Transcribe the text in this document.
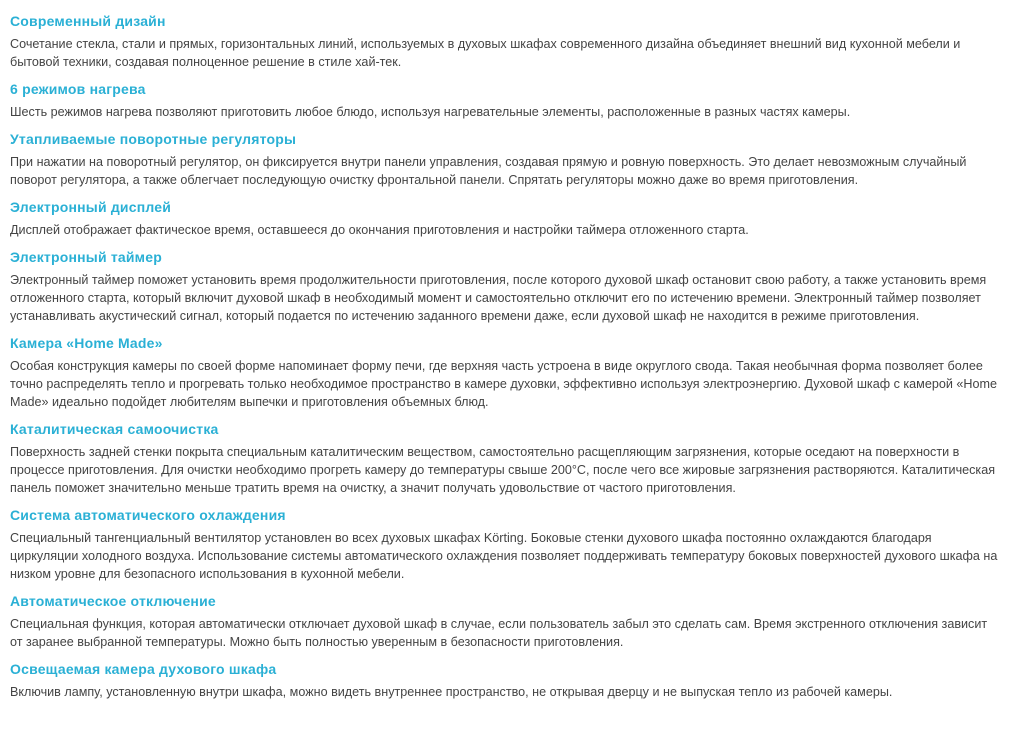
Современный дизайн

Сочетание стекла, стали и прямых, горизонтальных линий, используемых в духовых шкафах современного дизайна объединяет внешний вид кухонной мебели и бытовой техники, создавая полноценное решение в стиле хай-тек.

6 режимов нагрева

Шесть режимов нагрева позволяют приготовить любое блюдо, используя нагревательные элементы, расположенные в разных частях камеры.

Утапливаемые поворотные регуляторы

При нажатии на поворотный регулятор, он фиксируется внутри панели управления, создавая прямую и ровную поверхность. Это делает невозможным случайный поворот регулятора, а также облегчает последующую очистку фронтальной панели. Спрятать регуляторы можно даже во время приготовления.

Электронный дисплей

Дисплей отображает фактическое время, оставшееся до окончания приготовления и настройки таймера отложенного старта.

Электронный таймер

Электронный таймер поможет установить время продолжительности приготовления, после которого духовой шкаф остановит свою работу, а также установить время отложенного старта, который включит духовой шкаф в необходимый момент и самостоятельно отключит его по истечению времени. Электронный таймер позволяет устанавливать акустический сигнал, который подается по истечению заданного времени даже, если духовой шкаф не находится в режиме приготовления.

Камера «Home Made»

Особая конструкция камеры по своей форме напоминает форму печи, где верхняя часть устроена в виде округлого свода. Такая необычная форма позволяет более точно распределять тепло и прогревать только необходимое пространство в камере духовки, эффективно используя электроэнергию. Духовой шкаф с камерой «Home Made» идеально подойдет любителям выпечки и приготовления объемных блюд.

Каталитическая самоочистка

Поверхность задней стенки покрыта специальным каталитическим веществом, самостоятельно расщепляющим загрязнения, которые оседают на поверхности в процессе приготовления. Для очистки необходимо прогреть камеру до температуры свыше 200°C, после чего все жировые загрязнения растворяются. Каталитическая панель поможет значительно меньше тратить время на очистку, а значит получать удовольствие от частого приготовления.

Система автоматического охлаждения

Специальный тангенциальный вентилятор установлен во всех духовых шкафах Körting. Боковые стенки духового шкафа постоянно охлаждаются благодаря циркуляции холодного воздуха. Использование системы автоматического охлаждения позволяет поддерживать температуру боковых поверхностей духового шкафа на низком уровне для безопасного использования в кухонной мебели.

Автоматическое отключение

Специальная функция, которая автоматически отключает духовой шкаф в случае, если пользователь забыл это сделать сам. Время экстренного отключения зависит от заранее выбранной температуры. Можно быть полностью уверенным в безопасности приготовления.

Освещаемая камера духового шкафа

Включив лампу, установленную внутри шкафа, можно видеть внутреннее пространство, не открывая дверцу и не выпуская тепло из рабочей камеры.
